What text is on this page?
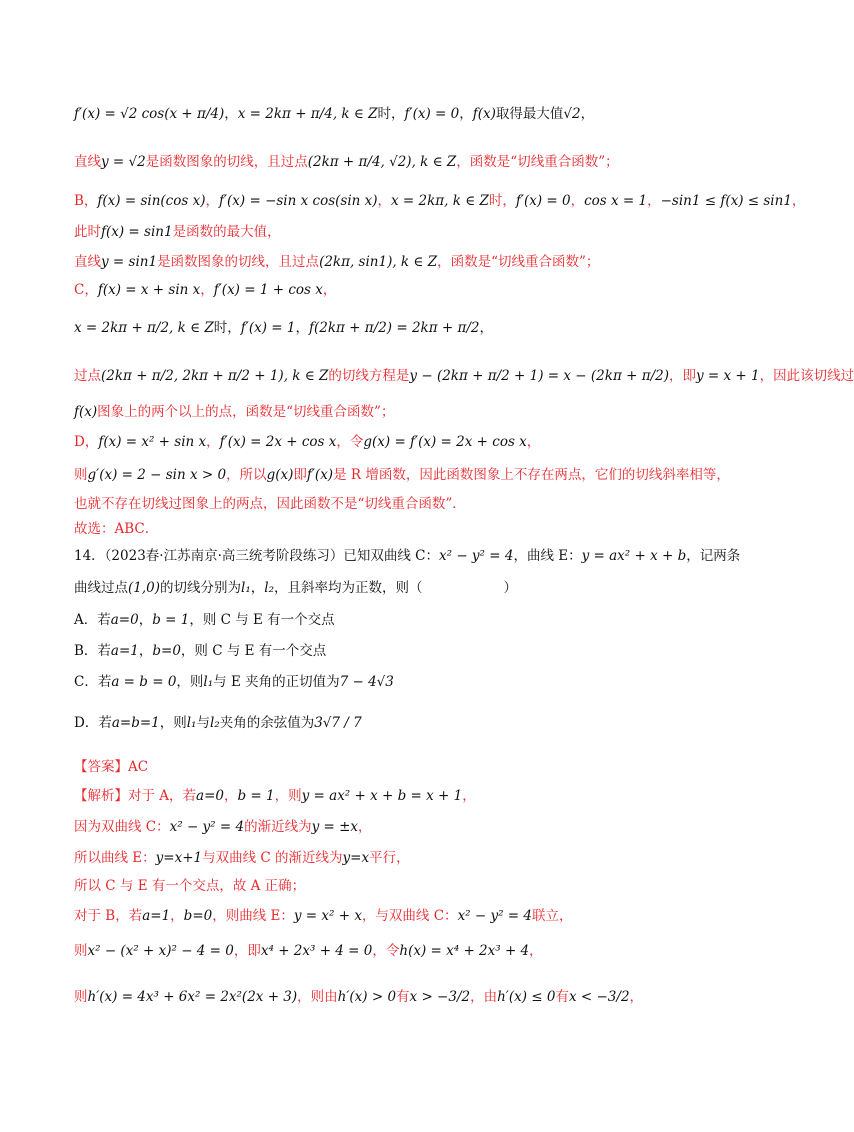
f′(x) = √2 cos(x + π/4)，x = 2kπ + π/4, k ∈ Z时，f′(x) = 0，f(x)取得最大值√2，
直线y = √2是函数图象的切线，且过点(2kπ + π/4, √2), k ∈ Z，函数是“切线重合函数”；
B，f(x) = sin(cos x)，f′(x) = −sin x cos(sin x)，x = 2kπ, k ∈ Z时，f′(x) = 0，cos x = 1，−sin1 ≤ f(x) ≤ sin1，
此时f(x) = sin1是函数的最大值，
直线y = sin1是函数图象的切线，且过点(2kπ, sin1), k ∈ Z，函数是“切线重合函数”；
C，f(x) = x + sin x，f′(x) = 1 + cos x，
x = 2kπ + π/2, k ∈ Z时，f′(x) = 1，f(2kπ + π/2) = 2kπ + π/2，
过点(2kπ + π/2, 2kπ + π/2 + 1), k ∈ Z的切线方程是y − (2kπ + π/2 + 1) = x − (2kπ + π/2)，即y = x + 1，因此该切线过
f(x)图象上的两个以上的点，函数是“切线重合函数”；
D，f(x) = x² + sin x，f′(x) = 2x + cos x，令g(x) = f′(x) = 2x + cos x，
则g′(x) = 2 − sin x > 0，所以g(x)即f′(x)是 R 增函数，因此函数图象上不存在两点，它们的切线斜率相等，
也就不存在切线过图象上的两点，因此函数不是“切线重合函数”．
故选：ABC．
14．（2023春·江苏南京·高三统考阶段练习）已知双曲线 C：x² − y² = 4，曲线 E：y = ax² + x + b，记两条
曲线过点(1,0)的切线分别为l₁，l₂，且斜率均为正数，则（　　　　　　	）
A．若a=0，b = 1，则 C 与 E 有一个交点
B．若a=1，b=0，则 C 与 E 有一个交点
C．若a = b = 0，则l₁与 E 夹角的正切值为7 − 4√3
D．若a=b=1，则l₁与l₂夹角的余弦值为3√7 / 7
【答案】AC
【解析】对于 A，若a=0，b = 1，则y = ax² + x + b = x + 1，
因为双曲线 C：x² − y² = 4的渐近线为y = ±x，
所以曲线 E：y=x+1与双曲线 C 的渐近线为y=x平行，
所以 C 与 E 有一个交点，故 A 正确；
对于 B，若a=1，b=0，则曲线 E：y = x² + x，与双曲线 C：x² − y² = 4联立，
则x² − (x² + x)² − 4 = 0，即x⁴ + 2x³ + 4 = 0，令h(x) = x⁴ + 2x³ + 4，
则h′(x) = 4x³ + 6x² = 2x²(2x + 3)，则由h′(x) > 0有x > −3/2，由h′(x) ≤ 0有x < −3/2，
